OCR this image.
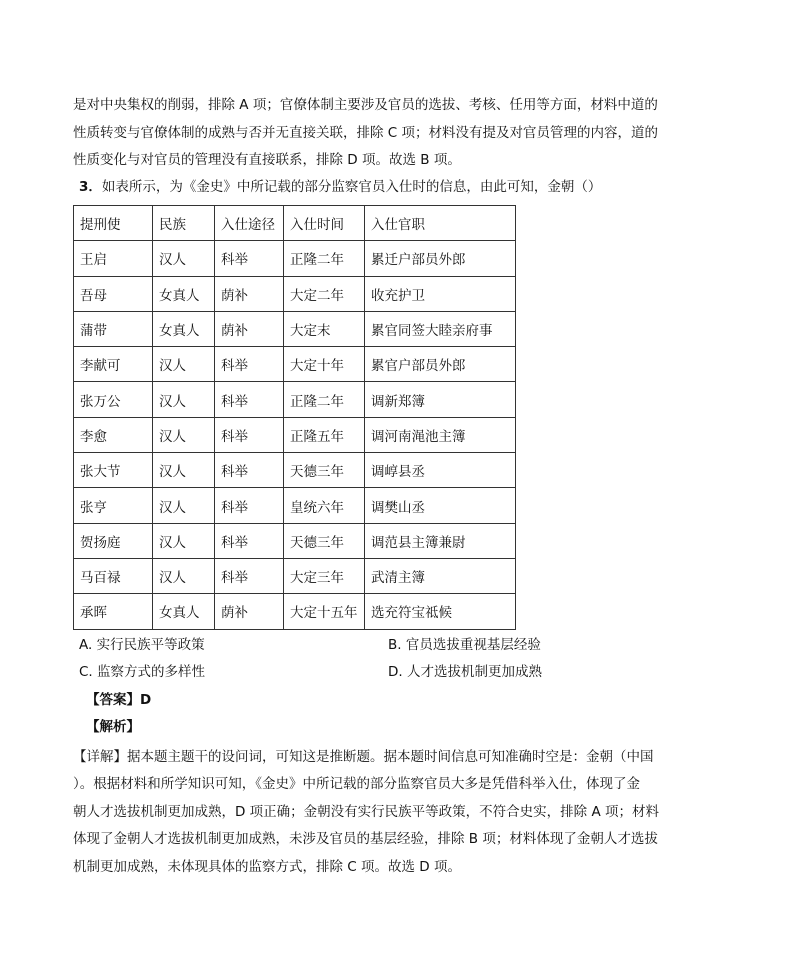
是对中央集权的削弱，排除 A 项；官僚体制主要涉及官员的选拔、考核、任用等方面，材料中道的

性质转变与官僚体制的成熟与否并无直接关联，排除 C 项；材料没有提及对官员管理的内容，道的

性质变化与对官员的管理没有直接联系，排除 D 项。故选 B 项。

3．如表所示，为《金史》中所记载的部分监察官员入仕时的信息，由此可知，金朝（）
提刑使	民族	入仕途径	入仕时间	入仕官职
王启	汉人	科举	正隆二年	累迁户部员外郎
吾母	女真人	荫补	大定二年	收充护卫
蒲带	女真人	荫补	大定末	累官同签大睦亲府事
李献可	汉人	科举	大定十年	累官户部员外郎
张万公	汉人	科举	正隆二年	调新郑簿
李愈	汉人	科举	正隆五年	调河南渑池主簿
张大节	汉人	科举	天德三年	调崞县丞
张亨	汉人	科举	皇统六年	调樊山丞
贺扬庭	汉人	科举	天德三年	调范县主簿兼尉
马百禄	汉人	科举	大定三年	武清主簿
承晖	女真人	荫补	大定十五年	选充符宝祗候
A. 实行民族平等政策	B. 官员选拔重视基层经验
C. 监察方式的多样性	D. 人才选拔机制更加成熟
【答案】D
【解析】

【详解】据本题主题干的设问词，可知这是推断题。据本题时间信息可知准确时空是：金朝（中国

）。根据材料和所学知识可知，《金史》中所记载的部分监察官员大多是凭借科举入仕，体现了金

朝人才选拔机制更加成熟，D 项正确；金朝没有实行民族平等政策，不符合史实，排除 A 项；材料

体现了金朝人才选拔机制更加成熟，未涉及官员的基层经验，排除 B 项；材料体现了金朝人才选拔

机制更加成熟，未体现具体的监察方式，排除 C 项。故选 D 项。
